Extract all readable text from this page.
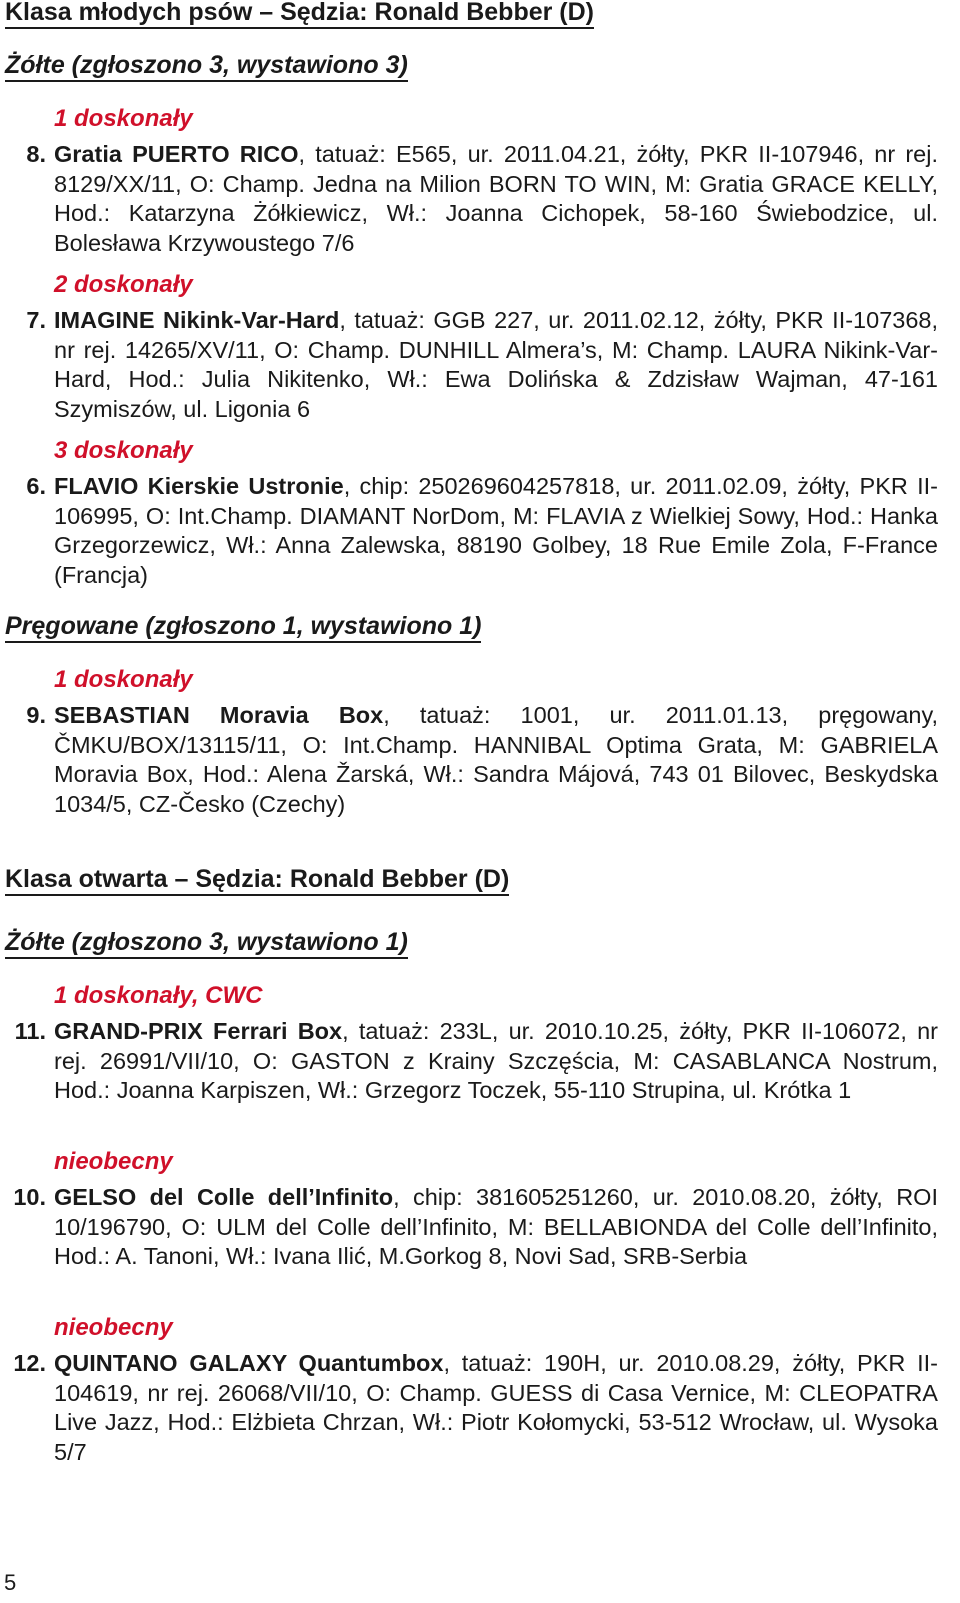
Klasa młodych psów – Sędzia: Ronald Bebber (D)
Żółte (zgłoszono 3, wystawiono 3)
1 doskonały
8. Gratia PUERTO RICO, tatuaż: E565, ur. 2011.04.21, żółty, PKR II-107946, nr rej. 8129/XX/11, O: Champ. Jedna na Milion BORN TO WIN, M: Gratia GRACE KELLY, Hod.: Katarzyna Żółkiewicz, Wł.: Joanna Cichopek, 58-160 Świebodzice, ul. Bolesława Krzywoustego 7/6
2 doskonały
7. IMAGINE Nikink-Var-Hard, tatuaż: GGB 227, ur. 2011.02.12, żółty, PKR II-107368, nr rej. 14265/XV/11, O: Champ. DUNHILL Almera’s, M: Champ. LAURA Nikink-Var-Hard, Hod.: Julia Nikitenko, Wł.: Ewa Dolińska & Zdzisław Wajman, 47-161 Szymiszów, ul. Ligonia 6
3 doskonały
6. FLAVIO Kierskie Ustronie, chip: 250269604257818, ur. 2011.02.09, żółty, PKR II-106995, O: Int.Champ. DIAMANT NorDom, M: FLAVIA z Wielkiej Sowy, Hod.: Hanka Grzegorzewicz, Wł.: Anna Zalewska, 88190 Golbey, 18 Rue Emile Zola, F-France (Francja)
Pręgowane (zgłoszono 1, wystawiono 1)
1 doskonały
9. SEBASTIAN Moravia Box, tatuaż: 1001, ur. 2011.01.13, pręgowany, ČMKU/BOX/13115/11, O: Int.Champ. HANNIBAL Optima Grata, M: GABRIELA Moravia Box, Hod.: Alena Žarská, Wł.: Sandra Májová, 743 01 Bilovec, Beskydska 1034/5, CZ-Česko (Czechy)
Klasa otwarta – Sędzia: Ronald Bebber (D)
Żółte (zgłoszono 3, wystawiono 1)
1 doskonały, CWC
11. GRAND-PRIX Ferrari Box, tatuaż: 233L, ur. 2010.10.25, żółty, PKR II-106072, nr rej. 26991/VII/10, O: GASTON z Krainy Szczęścia, M: CASABLANCA Nostrum, Hod.: Joanna Karpiszen, Wł.: Grzegorz Toczek, 55-110 Strupina, ul. Krótka 1
nieobecny
10. GELSO del Colle dell’Infinito, chip: 381605251260, ur. 2010.08.20, żółty, ROI 10/196790, O: ULM del Colle dell’Infinito, M: BELLABIONDA del Colle dell’Infinito, Hod.: A. Tanoni, Wł.: Ivana Ilić, M.Gorkog 8, Novi Sad, SRB-Serbia
nieobecny
12. QUINTANO GALAXY Quantumbox, tatuaż: 190H, ur. 2010.08.29, żółty, PKR II-104619, nr rej. 26068/VII/10, O: Champ. GUESS di Casa Vernice, M: CLEOPATRA Live Jazz, Hod.: Elżbieta Chrzan, Wł.: Piotr Kołomycki, 53-512 Wrocław, ul. Wysoka 5/7
5
